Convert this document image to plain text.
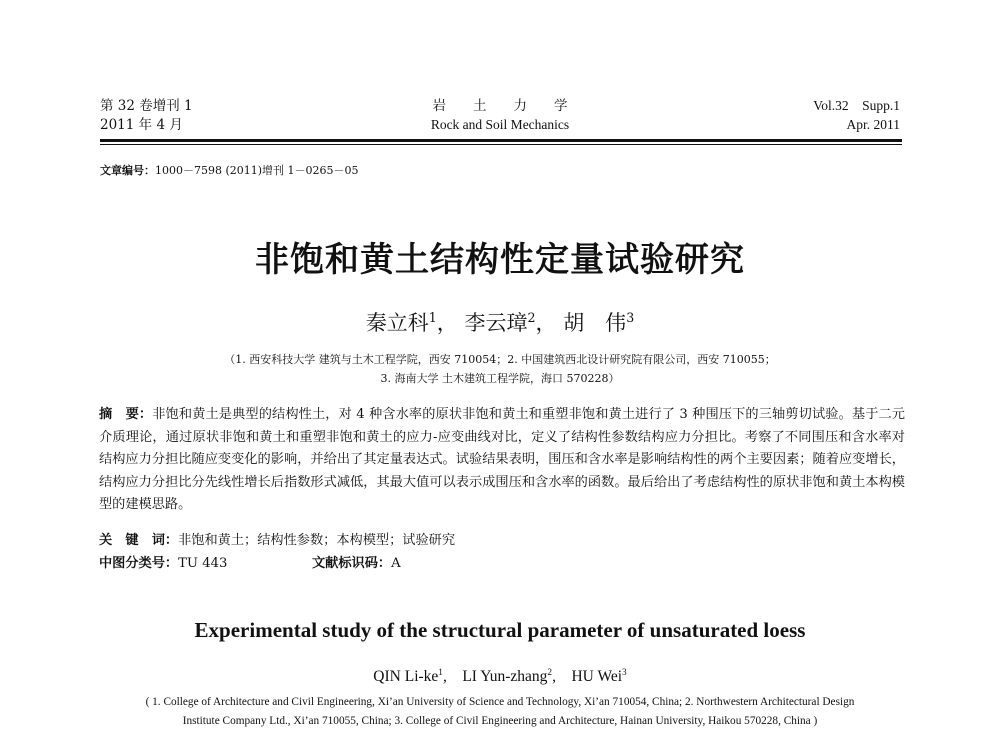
第 32 卷增刊 1
2011 年 4 月
岩　　土　　力　　学
Rock and Soil Mechanics
Vol.32　Supp.1
Apr. 2011
文章编号：1000－7598 (2011)增刊 1－0265－05
非饱和黄土结构性定量试验研究
秦立科$^1$， 李云璋$^2$， 胡　伟$^3$
（1. 西安科技大学 建筑与土木工程学院，西安 710054；2. 中国建筑西北设计研究院有限公司，西安 710055；
3. 海南大学 土木建筑工程学院，海口 570228）
摘　要：非饱和黄土是典型的结构性土，对 4 种含水率的原状非饱和黄土和重塑非饱和黄土进行了 3 种围压下的三轴剪切试验。基于二元介质理论，通过原状非饱和黄土和重塑非饱和黄土的应力-应变曲线对比，定义了结构性参数结构应力分担比。考察了不同围压和含水率对结构应力分担比随应变变化的影响，并给出了其定量表达式。试验结果表明，围压和含水率是影响结构性的两个主要因素；随着应变增长，结构应力分担比分先线性增长后指数形式减低，其最大值可以表示成围压和含水率的函数。最后给出了考虑结构性的原状非饱和黄土本构模型的建模思路。
关　键　词：非饱和黄土；结构性参数；本构模型；试验研究
中图分类号：TU 443	文献标识码：A
Experimental study of the structural parameter of unsaturated loess
QIN $Li-ke^1$,　LI Yun-zhang$^2$,　HU Wei$^3$
( 1. College of Architecture and Civil Engineering, Xi’an University of Science and Technology, Xi’an 710054, China; 2. Northwestern Architectural Design
Institute Company Ltd., Xi’an 710055, China; 3. College of Civil Engineering and Architecture, Hainan University, Haikou 570228, China )
